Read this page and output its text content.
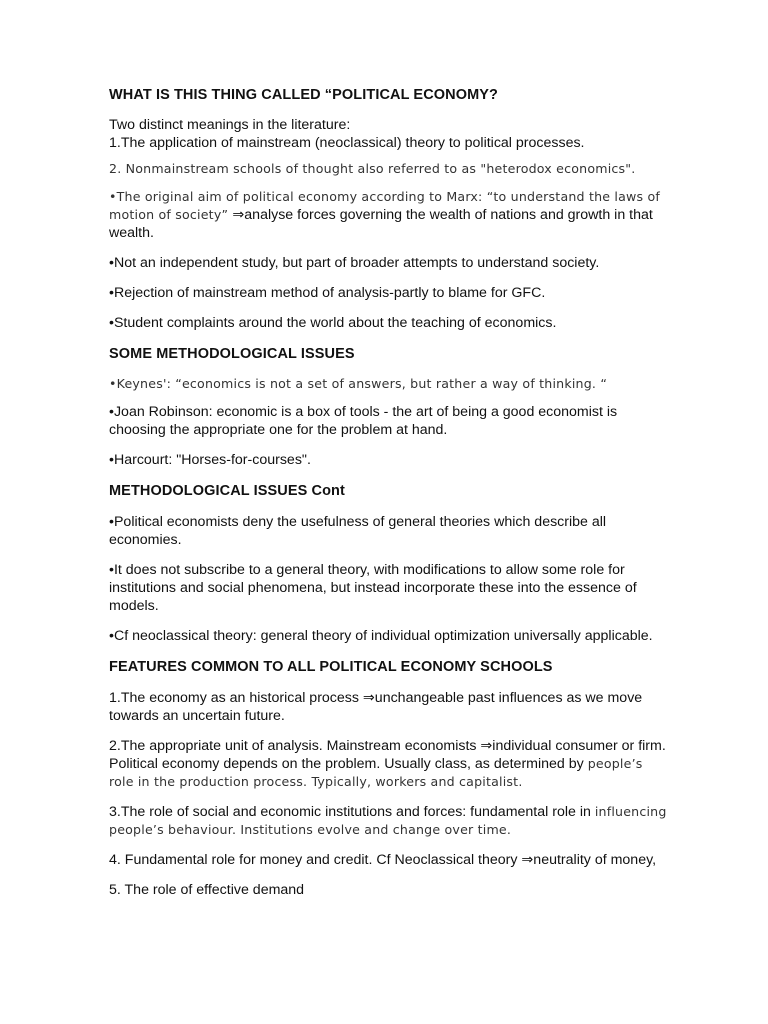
WHAT IS THIS THING CALLED “POLITICAL ECONOMY?

Two distinct meanings in the literature:

1.The application of mainstream (neoclassical) theory to political processes.

2. Nonmainstream schools of thought also referred to as "heterodox economics".

•The original aim of political economy according to Marx: “to understand the laws of motion of society” ⇒analyse forces governing the wealth of nations and growth in that wealth.

•Not an independent study, but part of broader attempts to understand society.

•Rejection of mainstream method of analysis-partly to blame for GFC.

•Student complaints around the world about the teaching of economics.

SOME METHODOLOGICAL ISSUES

•Keynes': “economics is not a set of answers, but rather a way of thinking. “

•Joan Robinson: economic is a box of tools - the art of being a good economist is choosing the appropriate one for the problem at hand.

•Harcourt: "Horses-for-courses".

METHODOLOGICAL ISSUES Cont

•Political economists deny the usefulness of general theories which describe all economies.

•It does not subscribe to a general theory, with modifications to allow some role for institutions and social phenomena, but instead incorporate these into the essence of models.

•Cf neoclassical theory: general theory of individual optimization universally applicable.

FEATURES COMMON TO ALL POLITICAL ECONOMY SCHOOLS

1.The economy as an historical process ⇒unchangeable past influences as we move towards an uncertain future.

2.The appropriate unit of analysis. Mainstream economists ⇒individual consumer or firm. Political economy depends on the problem. Usually class, as determined by people’s role in the production process. Typically, workers and capitalist.

3.The role of social and economic institutions and forces: fundamental role in influencing people’s behaviour. Institutions evolve and change over time.

4. Fundamental role for money and credit. Cf Neoclassical theory ⇒neutrality of money,

5. The role of effective demand
